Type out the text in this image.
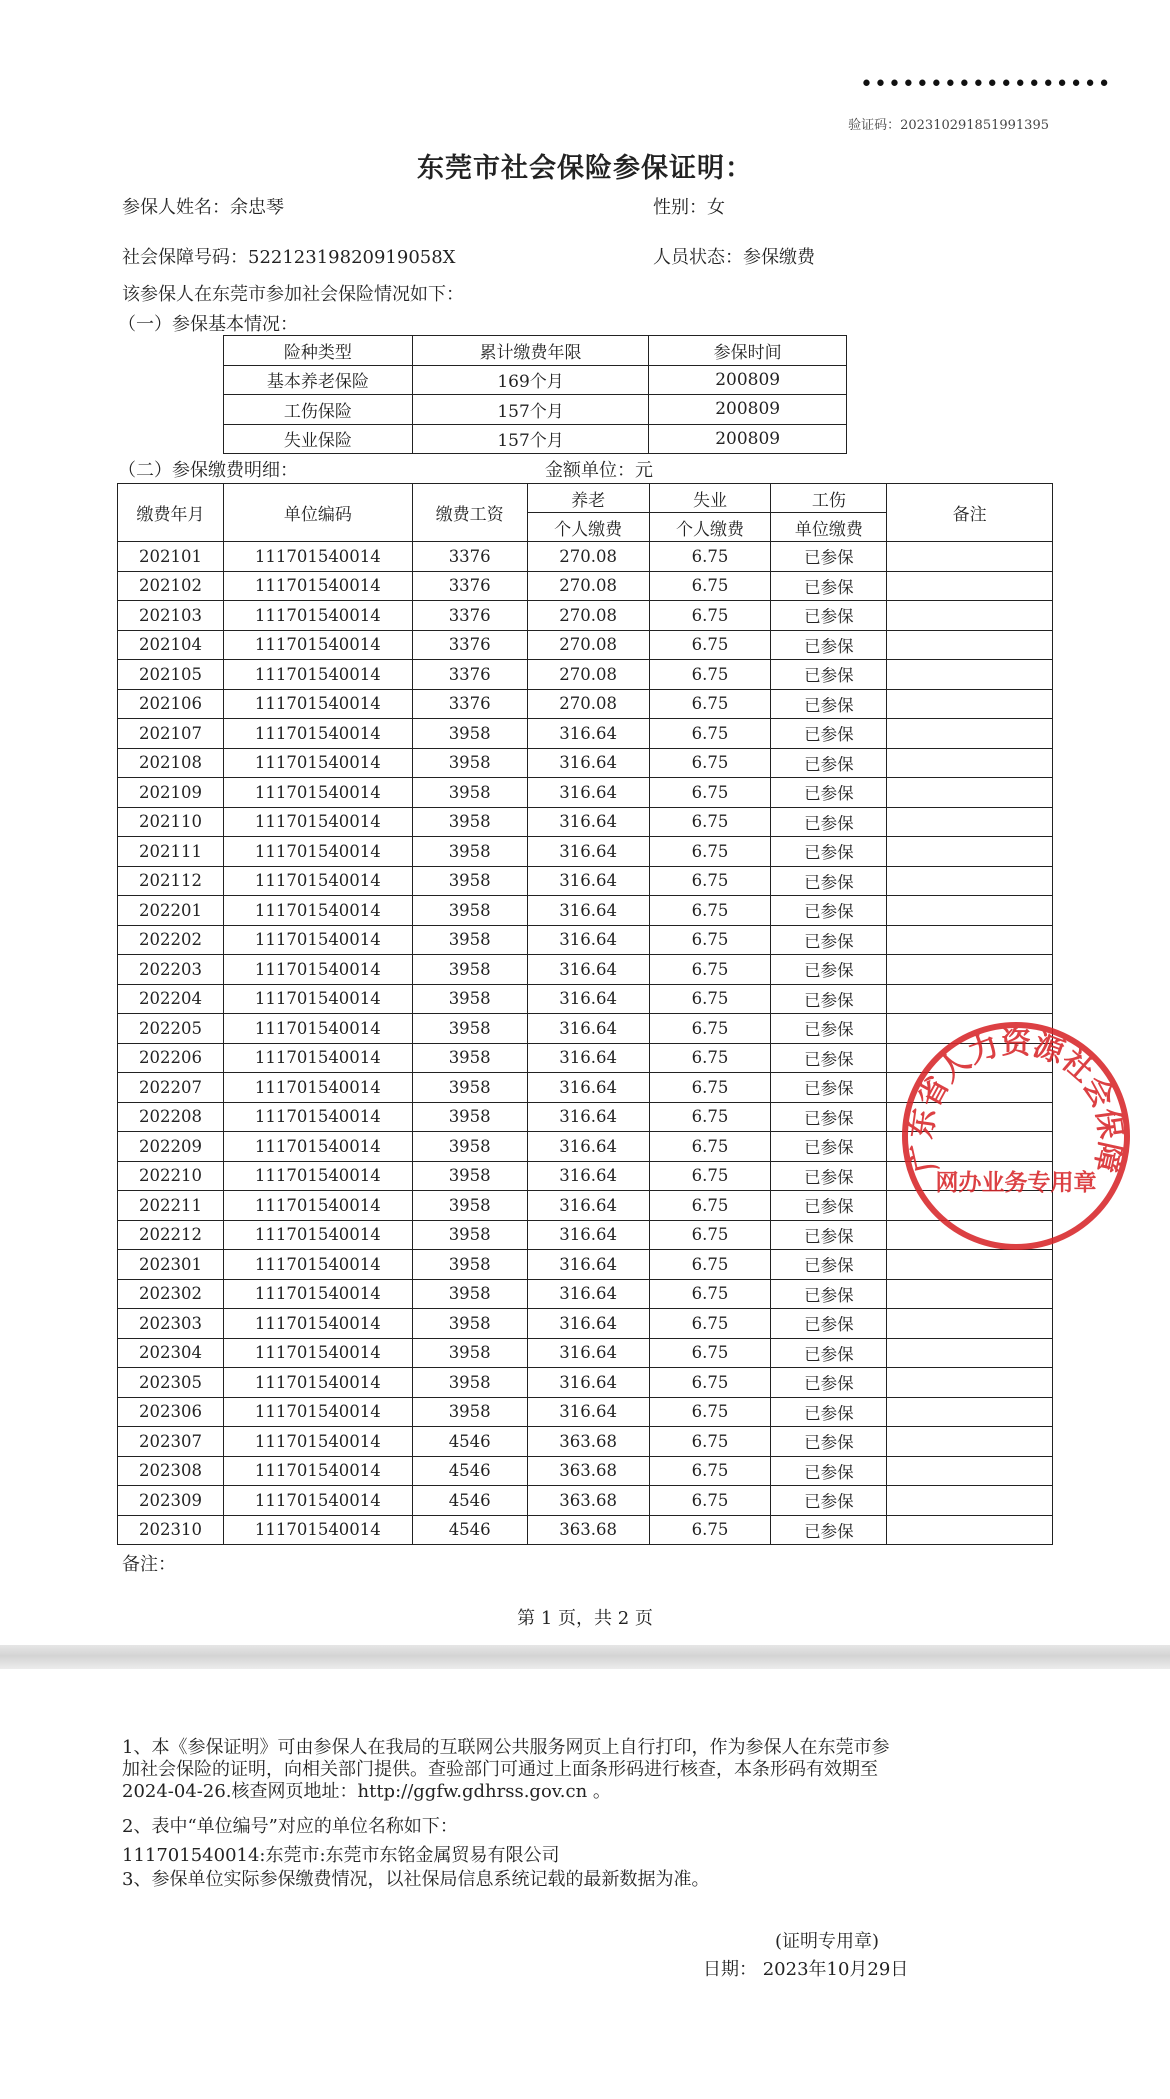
••••••••••••••••••
验证码：202310291851991395
东莞市社会保险参保证明：
参保人姓名：余忠琴	性别：女
社会保障号码：52212319820919058X	人员状态：参保缴费
该参保人在东莞市参加社会保险情况如下：
（一）参保基本情况：
险种类型	累计缴费年限	参保时间
基本养老保险	169个月	200809
工伤保险	157个月	200809
失业保险	157个月	200809
（二）参保缴费明细：	金额单位：元
缴费年月	单位编码	缴费工资	养老	失业	工伤	备注
			个人缴费	个人缴费	单位缴费	
202101	111701540014	3376	270.08	6.75	已参保	
202102	111701540014	3376	270.08	6.75	已参保	
202103	111701540014	3376	270.08	6.75	已参保	
202104	111701540014	3376	270.08	6.75	已参保	
202105	111701540014	3376	270.08	6.75	已参保	
202106	111701540014	3376	270.08	6.75	已参保	
202107	111701540014	3958	316.64	6.75	已参保	
202108	111701540014	3958	316.64	6.75	已参保	
202109	111701540014	3958	316.64	6.75	已参保	
202110	111701540014	3958	316.64	6.75	已参保	
202111	111701540014	3958	316.64	6.75	已参保	
202112	111701540014	3958	316.64	6.75	已参保	
202201	111701540014	3958	316.64	6.75	已参保	
202202	111701540014	3958	316.64	6.75	已参保	
202203	111701540014	3958	316.64	6.75	已参保	
202204	111701540014	3958	316.64	6.75	已参保	
202205	111701540014	3958	316.64	6.75	已参保	
202206	111701540014	3958	316.64	6.75	已参保	
202207	111701540014	3958	316.64	6.75	已参保	
202208	111701540014	3958	316.64	6.75	已参保	
202209	111701540014	3958	316.64	6.75	已参保	
202210	111701540014	3958	316.64	6.75	已参保	
202211	111701540014	3958	316.64	6.75	已参保	
202212	111701540014	3958	316.64	6.75	已参保	
202301	111701540014	3958	316.64	6.75	已参保	
202302	111701540014	3958	316.64	6.75	已参保	
202303	111701540014	3958	316.64	6.75	已参保	
202304	111701540014	3958	316.64	6.75	已参保	
202305	111701540014	3958	316.64	6.75	已参保	
202306	111701540014	3958	316.64	6.75	已参保	
202307	111701540014	4546	363.68	6.75	已参保	
202308	111701540014	4546	363.68	6.75	已参保	
202309	111701540014	4546	363.68	6.75	已参保	
202310	111701540014	4546	363.68	6.75	已参保	
备注：
第 1 页，共 2 页
广东省人力资源社会保障
网办业务专用章
1、本《参保证明》可由参保人在我局的互联网公共服务网页上自行打印，作为参保人在东莞市参
加社会保险的证明，向相关部门提供。查验部门可通过上面条形码进行核查，本条形码有效期至
2024-04-26.核查网页地址：http://ggfw.gdhrss.gov.cn 。
2、表中“单位编号”对应的单位名称如下：
111701540014:东莞市:东莞市东铭金属贸易有限公司
3、参保单位实际参保缴费情况，以社保局信息系统记载的最新数据为准。
(证明专用章)
日期： 2023年10月29日
